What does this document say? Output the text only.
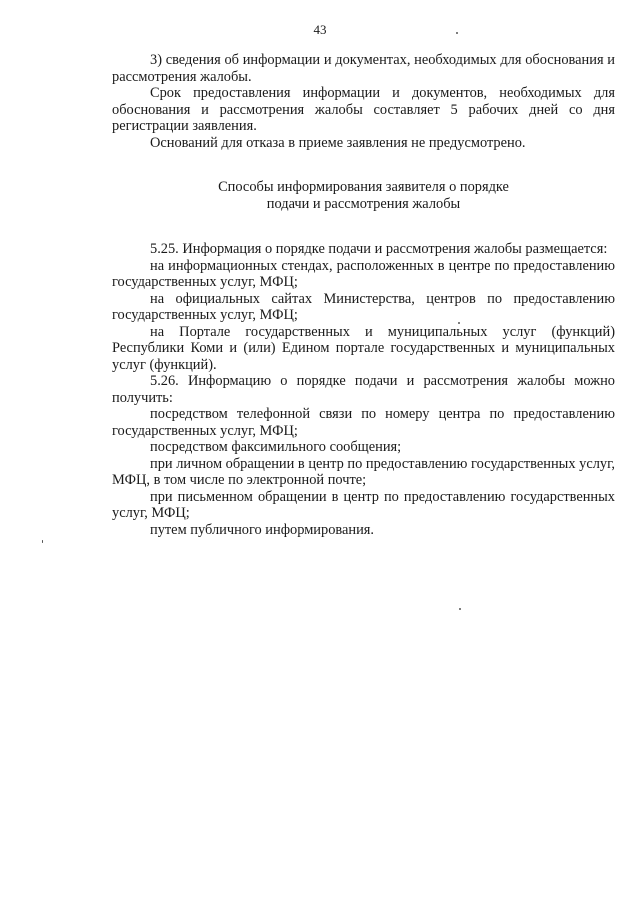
43

3) сведения об информации и документах, необходимых для обоснования и рассмотрения жалобы.

Срок предоставления информации и документов, необходимых для обоснования и рассмотрения жалобы составляет 5 рабочих дней со дня регистрации заявления.

Оснований для отказа в приеме заявления не предусмотрено.

Способы информирования заявителя о порядке
подачи и рассмотрения жалобы

5.25. Информация о порядке подачи и рассмотрения жалобы размещается:

на информационных стендах, расположенных в центре по предоставлению государственных услуг, МФЦ;

на официальных сайтах Министерства, центров по предоставлению государственных услуг, МФЦ;

на Портале государственных и муниципальных услуг (функций) Республики Коми и (или) Едином портале государственных и муниципальных услуг (функций).

5.26. Информацию о порядке подачи и рассмотрения жалобы можно получить:

посредством телефонной связи по номеру центра по предоставлению государственных услуг, МФЦ;

посредством факсимильного сообщения;

при личном обращении в центр по предоставлению государственных услуг, МФЦ, в том числе по электронной почте;

при письменном обращении в центр по предоставлению государственных услуг, МФЦ;

путем публичного информирования.
